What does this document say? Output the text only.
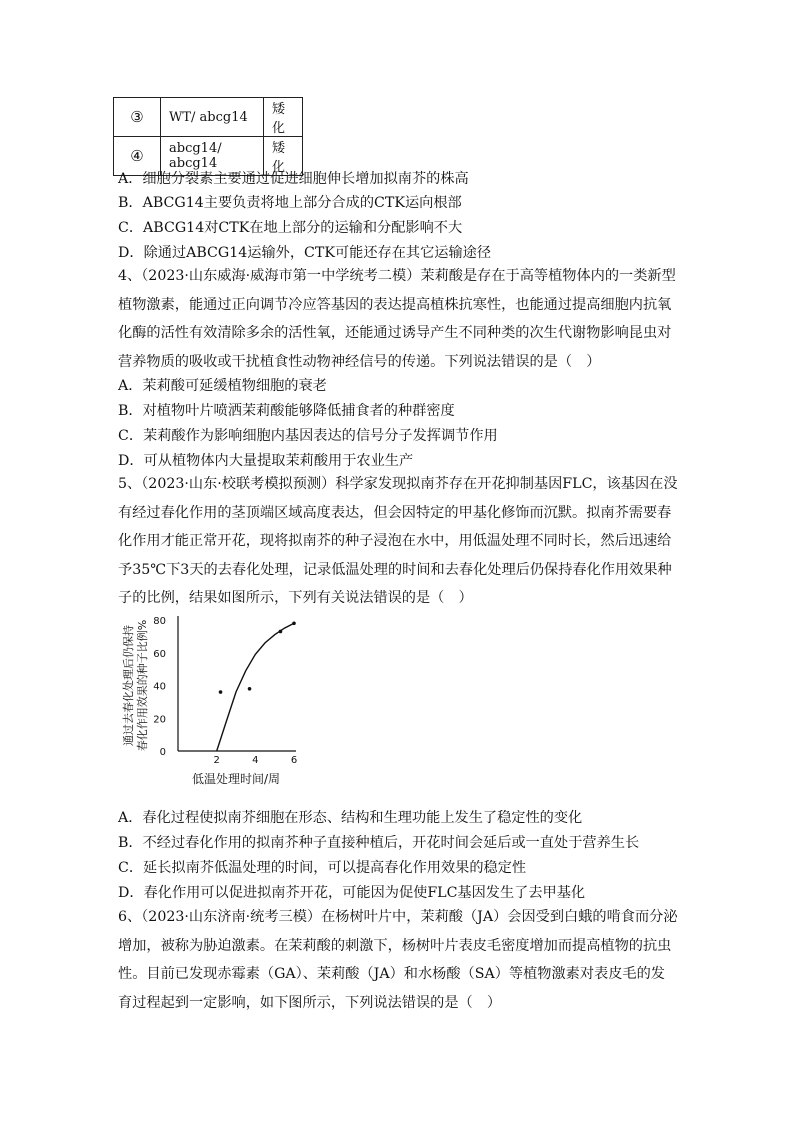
③	WT/ abcg14	矮化
④	abcg14/ abcg14	矮化
A．细胞分裂素主要通过促进细胞伸长增加拟南芥的株高
B．ABCG14主要负责将地上部分合成的CTK运向根部
C．ABCG14对CTK在地上部分的运输和分配影响不大
D．除通过ABCG14运输外，CTK可能还存在其它运输途径
4、（2023·山东威海·威海市第一中学统考二模）茉莉酸是存在于高等植物体内的一类新型
植物激素，能通过正向调节冷应答基因的表达提高植株抗寒性，也能通过提高细胞内抗氧
化酶的活性有效清除多余的活性氧，还能通过诱导产生不同种类的次生代谢物影响昆虫对
营养物质的吸收或干扰植食性动物神经信号的传递。下列说法错误的是（　）
A．茉莉酸可延缓植物细胞的衰老
B．对植物叶片喷洒茉莉酸能够降低捕食者的种群密度
C．茉莉酸作为影响细胞内基因表达的信号分子发挥调节作用
D．可从植物体内大量提取茉莉酸用于农业生产
5、（2023·山东·校联考模拟预测）科学家发现拟南芥存在开花抑制基因FLC，该基因在没
有经过春化作用的茎顶端区域高度表达，但会因特定的甲基化修饰而沉默。拟南芥需要春
化作用才能正常开花，现将拟南芥的种子浸泡在水中，用低温处理不同时长，然后迅速给
予35℃下3天的去春化处理，记录低温处理的时间和去春化处理后仍保持春化作用效果种
子的比例，结果如图所示，下列有关说法错误的是（　）
0
20
40
60
80
2	4	6
低温处理时间/周
通过去春化处理后仍保持 春化作用效果的种子比例%
A．春化过程使拟南芥细胞在形态、结构和生理功能上发生了稳定性的变化
B．不经过春化作用的拟南芥种子直接种植后，开花时间会延后或一直处于营养生长
C．延长拟南芥低温处理的时间，可以提高春化作用效果的稳定性
D．春化作用可以促进拟南芥开花，可能因为促使FLC基因发生了去甲基化
6、（2023·山东济南·统考三模）在杨树叶片中，茉莉酸（JA）会因受到白蛾的啃食而分泌
增加，被称为胁迫激素。在茉莉酸的刺激下，杨树叶片表皮毛密度增加而提高植物的抗虫
性。目前已发现赤霉素（GA）、茉莉酸（JA）和水杨酸（SA）等植物激素对表皮毛的发
育过程起到一定影响，如下图所示，下列说法错误的是（　）
